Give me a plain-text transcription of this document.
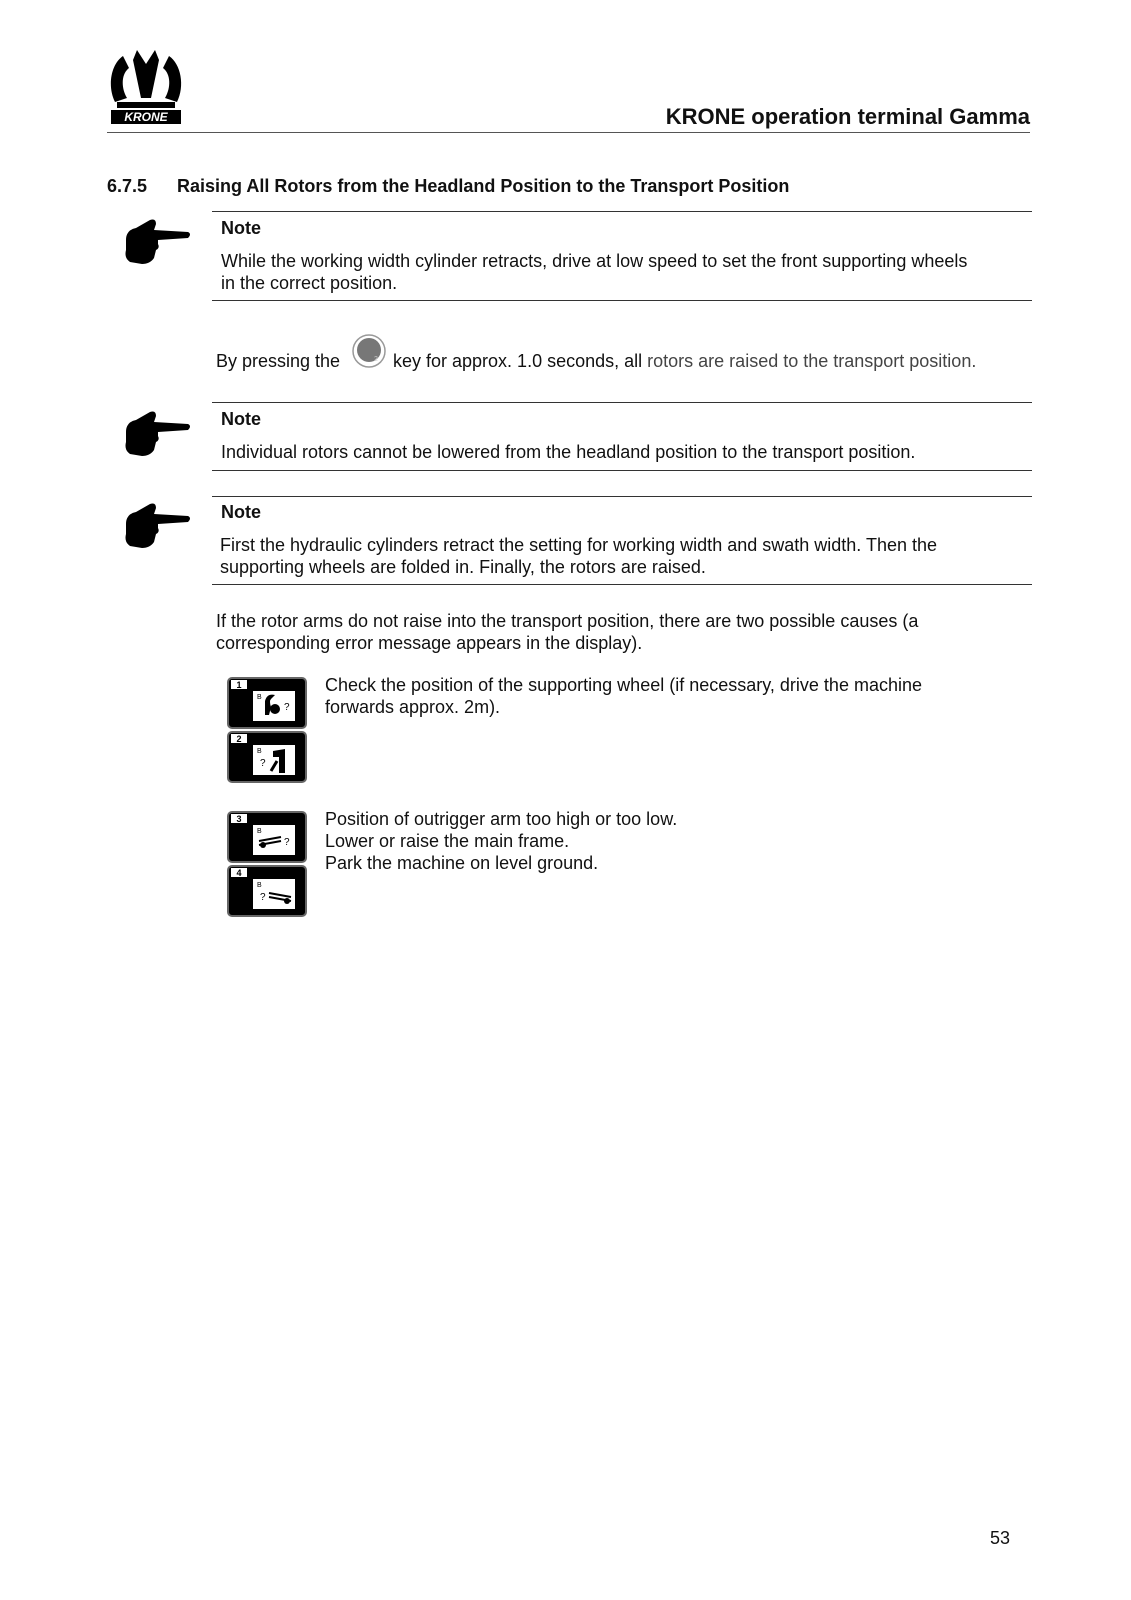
KRONE	KRONE operation terminal Gamma
6.7.5 Raising All Rotors from the Headland Position to the Transport Position
Note
While the working width cylinder retracts, drive at low speed to set the front supporting wheels
in the correct position.
By pressing the	2 key for approx. 1.0 seconds, all rotors are raised to the transport position.
Note
Individual rotors cannot be lowered from the headland position to the transport position.
Note
First the hydraulic cylinders retract the setting for working width and swath width. Then the
supporting wheels are folded in. Finally, the rotors are raised.
If the rotor arms do not raise into the transport position, there are two possible causes (a
corresponding error message appears in the display).
1
B
?
2
B
?
Check the position of the supporting wheel (if necessary, drive the machine
forwards approx. 2m).
3
B
?
4
B
?
Position of outrigger arm too high or too low.
Lower or raise the main frame.
Park the machine on level ground.
53
